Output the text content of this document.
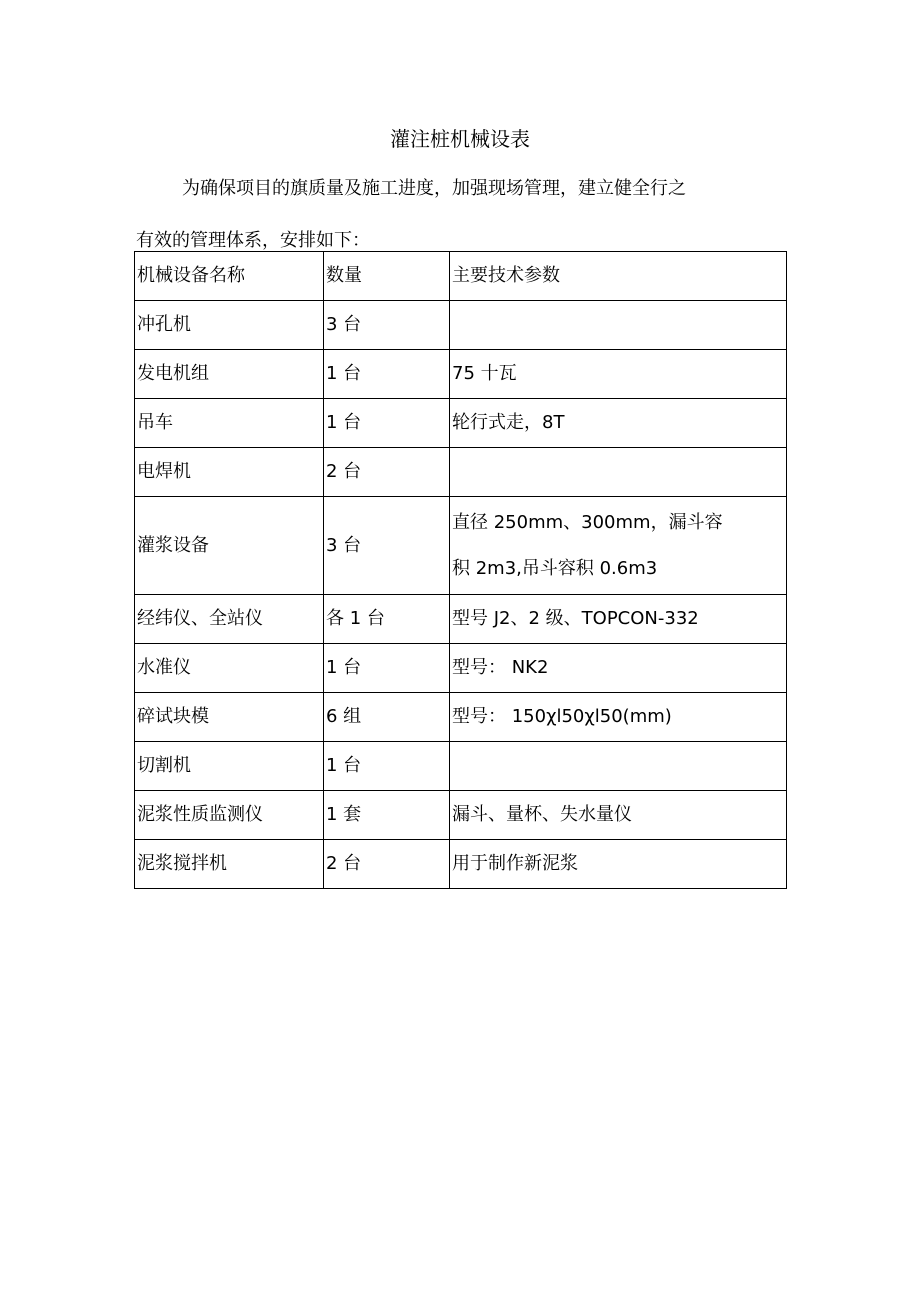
灌注桩机械设表
为确保项目的旗质量及施工进度，加强现场管理，建立健全行之
有效的管理体系，安排如下：
机械设备名称	数量	主要技术参数
冲孔机	3 台	
发电机组	1 台	75 十瓦
吊车	1 台	轮行式走，8T
电焊机	2 台	
灌浆设备	3 台	直径 250mm、300mm，漏斗容
积 2m3,吊斗容积 0.6m3

经纬仪、全站仪	各 1 台	型号 J2、2 级、TOPCON-332
水准仪	1 台	型号： NK2
碎试块模	6 组	型号： 150χl50χl50(mm)
切割机	1 台	
泥浆性质监测仪	1 套	漏斗、量杯、失水量仪
泥浆搅拌机	2 台	用于制作新泥浆
